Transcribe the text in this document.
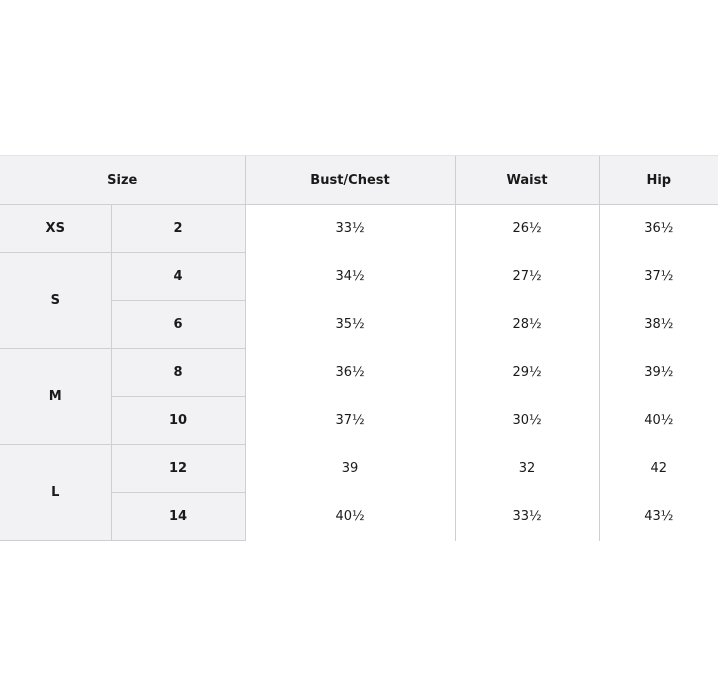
Size		Bust/Chest	Waist	Hip
XS	2	33½	26½	36½
S	4	34½	27½	37½
	6	35½	28½	38½
M	8	36½	29½	39½
	10	37½	30½	40½
L	12	39	32	42
	14	40½	33½	43½
